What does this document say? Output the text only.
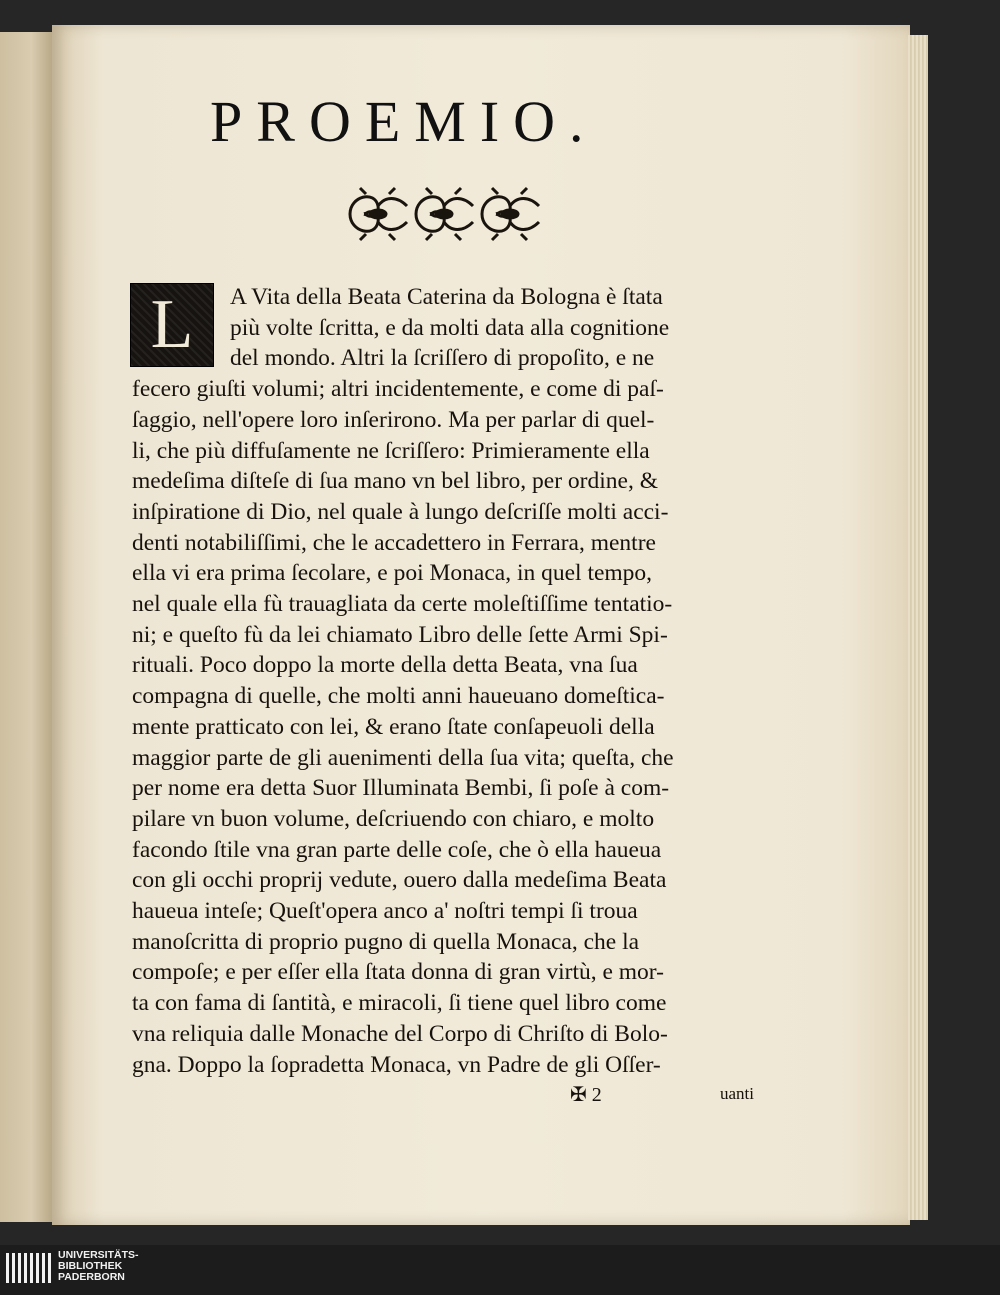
PROEMIO.
L	A Vita della Beata Caterina da Bologna è ſtata
più volte ſcritta, e da molti data alla cognitione
del mondo. Altri la ſcriſſero di propoſito, e ne
fecero giuſti volumi; altri incidentemente, e come di paſ-
ſaggio, nell'opere loro inſerirono. Ma per parlar di quel-
li, che più diffuſamente ne ſcriſſero: Primieramente ella
medeſima diſteſe di ſua mano vn bel libro, per ordine, &
inſpiratione di Dio, nel quale à lungo deſcriſſe molti acci-
denti notabiliſſimi, che le accadettero in Ferrara, mentre
ella vi era prima ſecolare, e poi Monaca, in quel tempo,
nel quale ella fù trauagliata da certe moleſtiſſime tentatio-
ni; e queſto fù da lei chiamato Libro delle ſette Armi Spi-
rituali. Poco doppo la morte della detta Beata, vna ſua
compagna di quelle, che molti anni haueuano domeſtica-
mente pratticato con lei, & erano ſtate conſapeuoli della
maggior parte de gli auenimenti della ſua vita; queſta, che
per nome era detta Suor Illuminata Bembi, ſi poſe à com-
pilare vn buon volume, deſcriuendo con chiaro, e molto
facondo ſtile vna gran parte delle coſe, che ò ella haueua
con gli occhi proprij vedute, ouero dalla medeſima Beata
haueua inteſe; Queſt'opera anco a' noſtri tempi ſi troua
manoſcritta di proprio pugno di quella Monaca, che la
compoſe; e per eſſer ella ſtata donna di gran virtù, e mor-
ta con fama di ſantità, e miracoli, ſi tiene quel libro come
vna reliquia dalle Monache del Corpo di Chriſto di Bolo-
gna. Doppo la ſopradetta Monaca, vn Padre de gli Oſſer-
✠ 2	uanti
UNIVERSITÄTS-
BIBLIOTHEK
PADERBORN
